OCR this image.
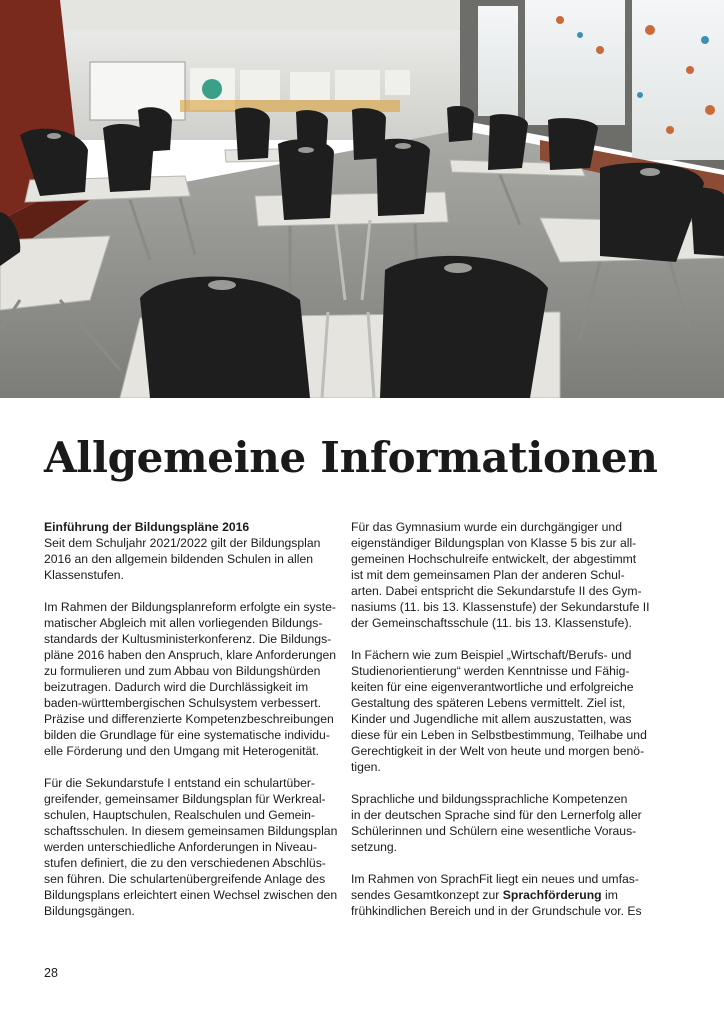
Allgemeine Informationen

Einführung der Bildungspläne 2016
Seit dem Schuljahr 2021/2022 gilt der Bildungsplan
2016 an den allgemein bildenden Schulen in allen
Klassenstufen.

Im Rahmen der Bildungsplanreform erfolgte ein syste-
matischer Abgleich mit allen vorliegenden Bildungs-
standards der Kultusministerkonferenz. Die Bildungs-
pläne 2016 haben den Anspruch, klare Anforderungen
zu formulieren und zum Abbau von Bildungshürden
beizutragen. Dadurch wird die Durchlässigkeit im
baden-württembergischen Schulsystem verbessert.
Präzise und differenzierte Kompetenzbeschreibungen
bilden die Grundlage für eine systematische individu-
elle Förderung und den Umgang mit Heterogenität.

Für die Sekundarstufe I entstand ein schulartüber-
greifender, gemeinsamer Bildungsplan für Werkreal-
schulen, Hauptschulen, Realschulen und Gemein-
schaftsschulen. In diesem gemeinsamen Bildungsplan
werden unterschiedliche Anforderungen in Niveau-
stufen definiert, die zu den verschiedenen Abschlüs-
sen führen. Die schulartenübergreifende Anlage des
Bildungsplans erleichtert einen Wechsel zwischen den
Bildungsgängen.

Für das Gymnasium wurde ein durchgängiger und
eigenständiger Bildungsplan von Klasse 5 bis zur all-
gemeinen Hochschulreife entwickelt, der abgestimmt
ist mit dem gemeinsamen Plan der anderen Schul-
arten. Dabei entspricht die Sekundarstufe II des Gym-
nasiums (11. bis 13. Klassenstufe) der Sekundarstufe II
der Gemeinschaftsschule (11. bis 13. Klassenstufe).

In Fächern wie zum Beispiel „Wirtschaft/Berufs- und
Studienorientierung“ werden Kenntnisse und Fähig-
keiten für eine eigenverantwortliche und erfolgreiche
Gestaltung des späteren Lebens vermittelt. Ziel ist,
Kinder und Jugendliche mit allem auszustatten, was
diese für ein Leben in Selbstbestimmung, Teilhabe und
Gerechtigkeit in der Welt von heute und morgen benö-
tigen.

Sprachliche und bildungssprachliche Kompetenzen
in der deutschen Sprache sind für den Lernerfolg aller
Schülerinnen und Schülern eine wesentliche Voraus-
setzung.

Im Rahmen von SprachFit liegt ein neues und umfas-
sendes Gesamtkonzept zur Sprachförderung im
frühkindlichen Bereich und in der Grundschule vor. Es

28
